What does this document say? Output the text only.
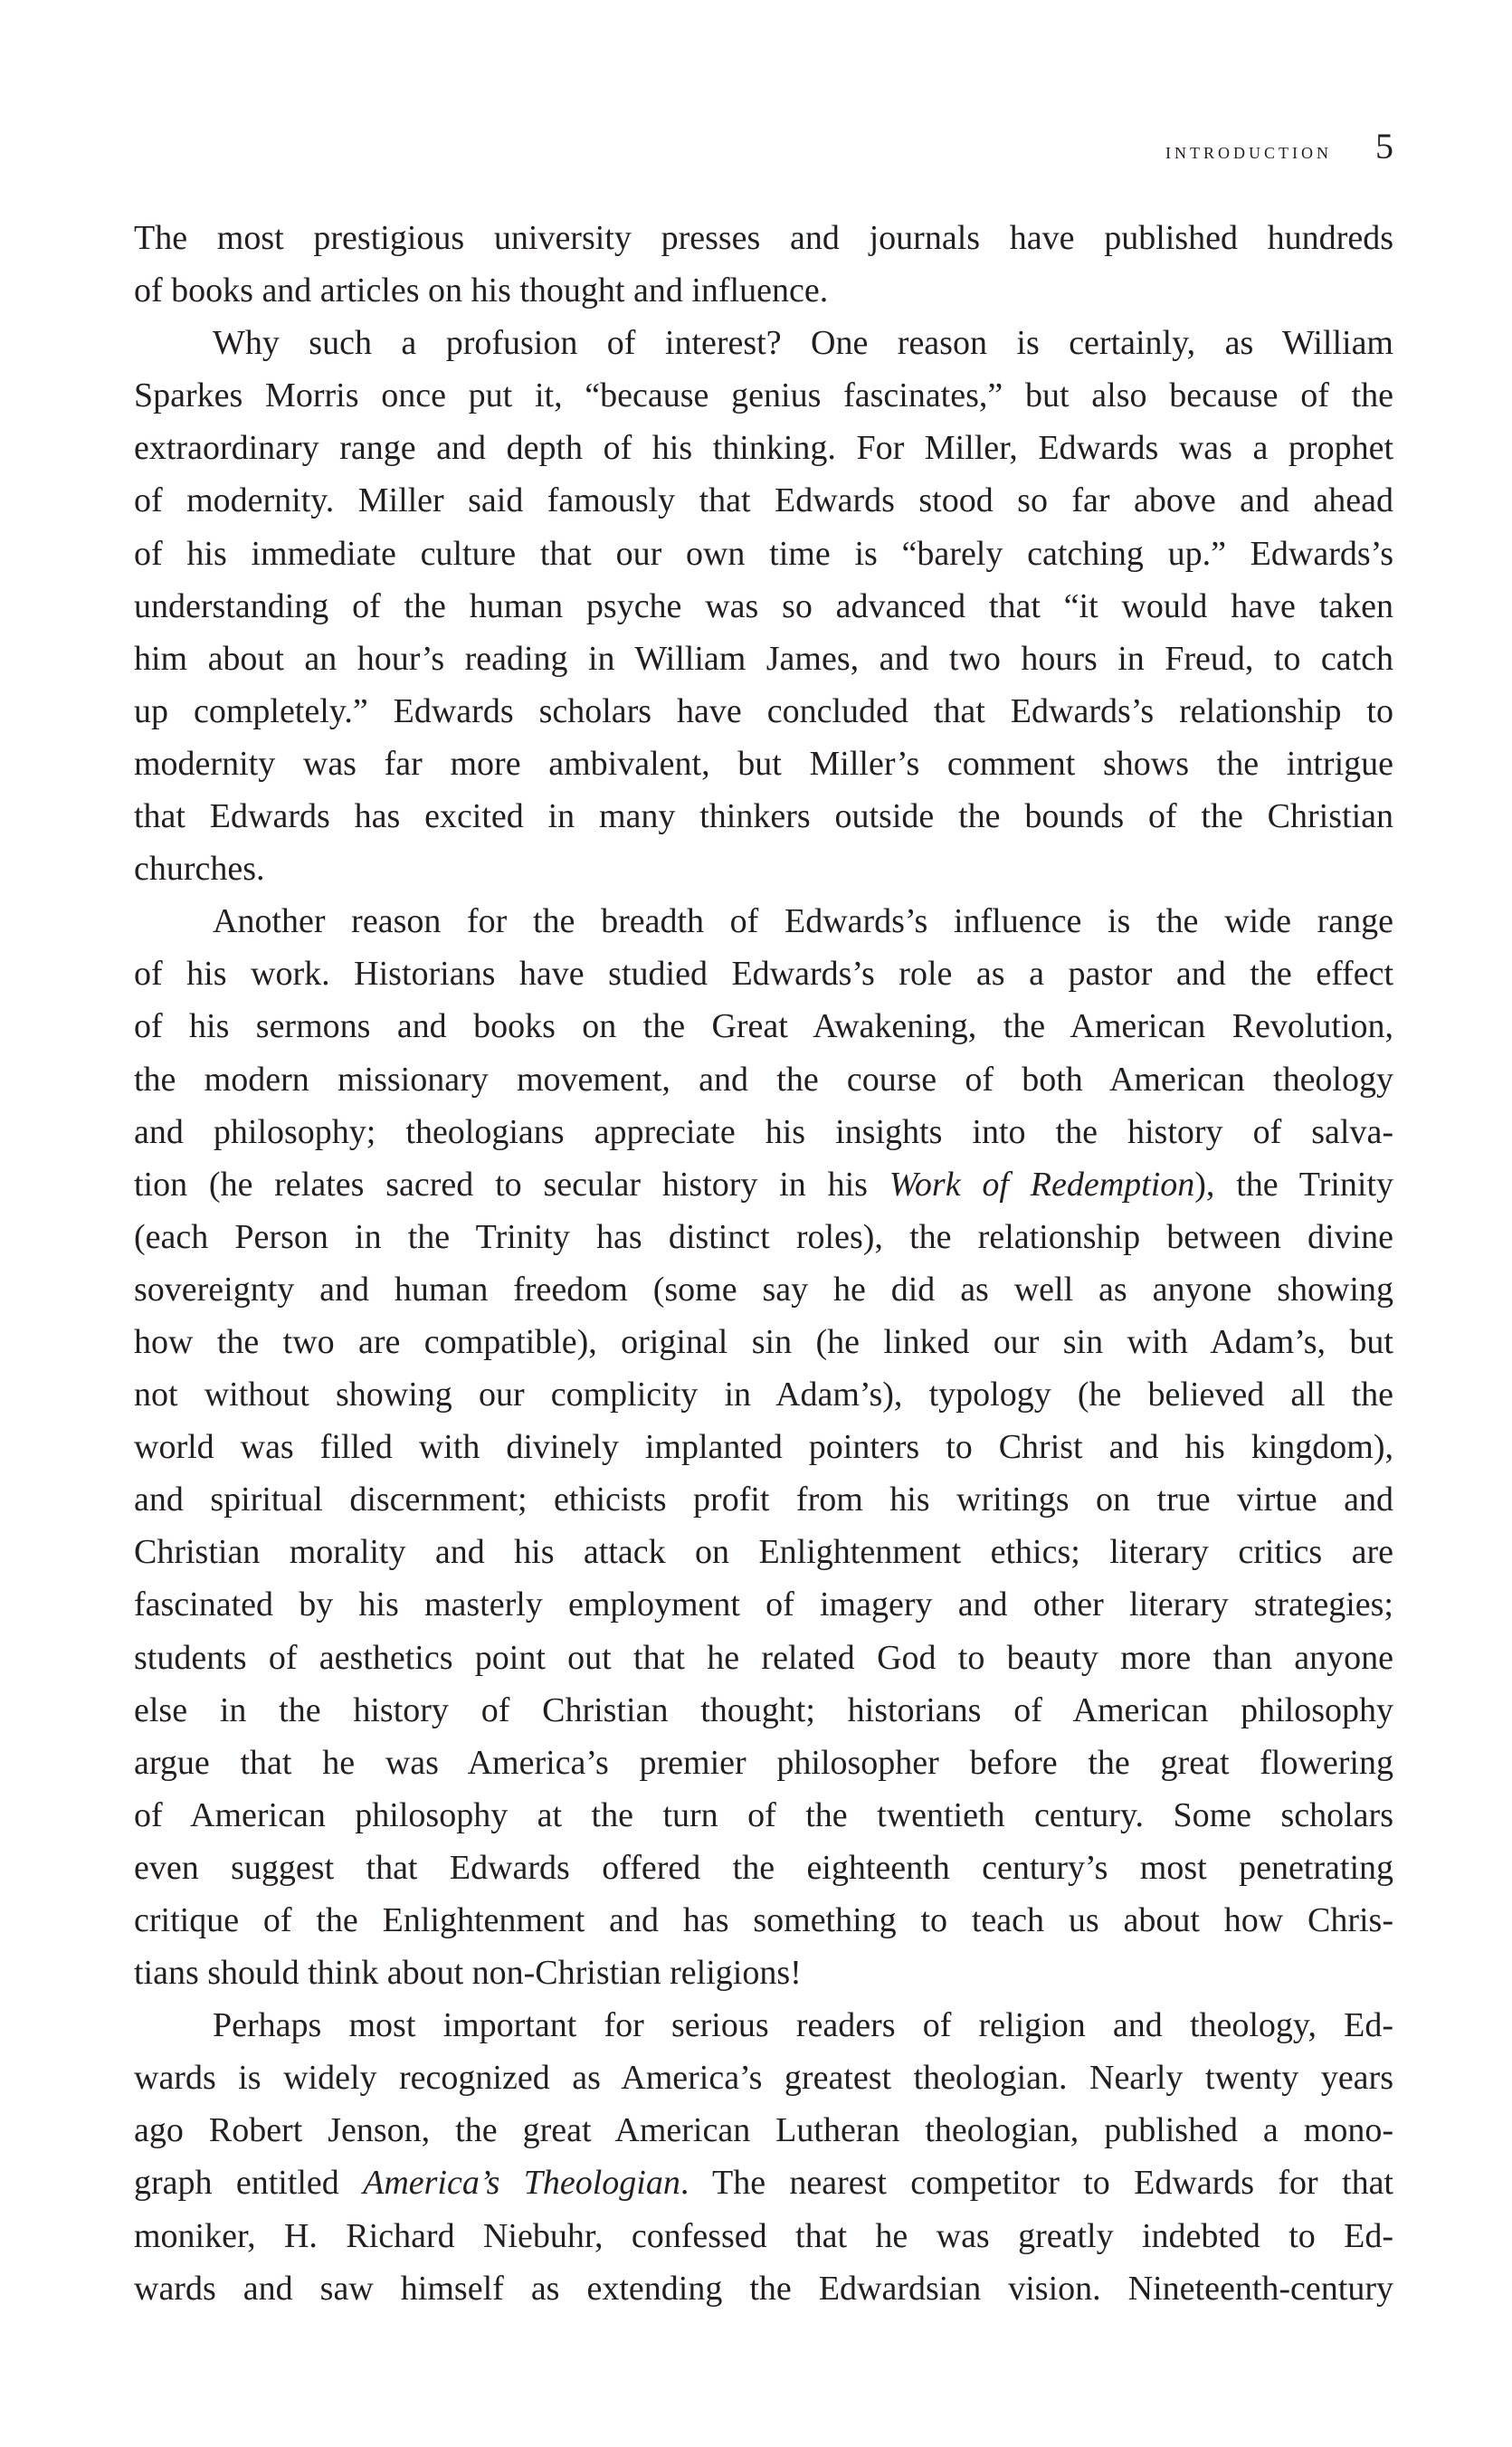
introduction 5
The most prestigious university presses and journals have published hundreds
of books and articles on his thought and influence.
Why such a profusion of interest? One reason is certainly, as William
Sparkes Morris once put it, “because genius fascinates,” but also because of the
extraordinary range and depth of his thinking. For Miller, Edwards was a prophet
of modernity. Miller said famously that Edwards stood so far above and ahead
of his immediate culture that our own time is “barely catching up.” Edwards’s
understanding of the human psyche was so advanced that “it would have taken
him about an hour’s reading in William James, and two hours in Freud, to catch
up completely.” Edwards scholars have concluded that Edwards’s relationship to
modernity was far more ambivalent, but Miller’s comment shows the intrigue
that Edwards has excited in many thinkers outside the bounds of the Christian
churches.
Another reason for the breadth of Edwards’s influence is the wide range
of his work. Historians have studied Edwards’s role as a pastor and the effect
of his sermons and books on the Great Awakening, the American Revolution,
the modern missionary movement, and the course of both American theology
and philosophy; theologians appreciate his insights into the history of salva-
tion (he relates sacred to secular history in his Work of Redemption), the Trinity
(each Person in the Trinity has distinct roles), the relationship between divine
sovereignty and human freedom (some say he did as well as anyone showing
how the two are compatible), original sin (he linked our sin with Adam’s, but
not without showing our complicity in Adam’s), typology (he believed all the
world was filled with divinely implanted pointers to Christ and his kingdom),
and spiritual discernment; ethicists profit from his writings on true virtue and
Christian morality and his attack on Enlightenment ethics; literary critics are
fascinated by his masterly employment of imagery and other literary strategies;
students of aesthetics point out that he related God to beauty more than anyone
else in the history of Christian thought; historians of American philosophy
argue that he was America’s premier philosopher before the great flowering
of American philosophy at the turn of the twentieth century. Some scholars
even suggest that Edwards offered the eighteenth century’s most penetrating
critique of the Enlightenment and has something to teach us about how Chris-
tians should think about non-Christian religions!
Perhaps most important for serious readers of religion and theology, Ed-
wards is widely recognized as America’s greatest theologian. Nearly twenty years
ago Robert Jenson, the great American Lutheran theologian, published a mono-
graph entitled America’s Theologian. The nearest competitor to Edwards for that
moniker, H. Richard Niebuhr, confessed that he was greatly indebted to Ed-
wards and saw himself as extending the Edwardsian vision. Nineteenth-century
